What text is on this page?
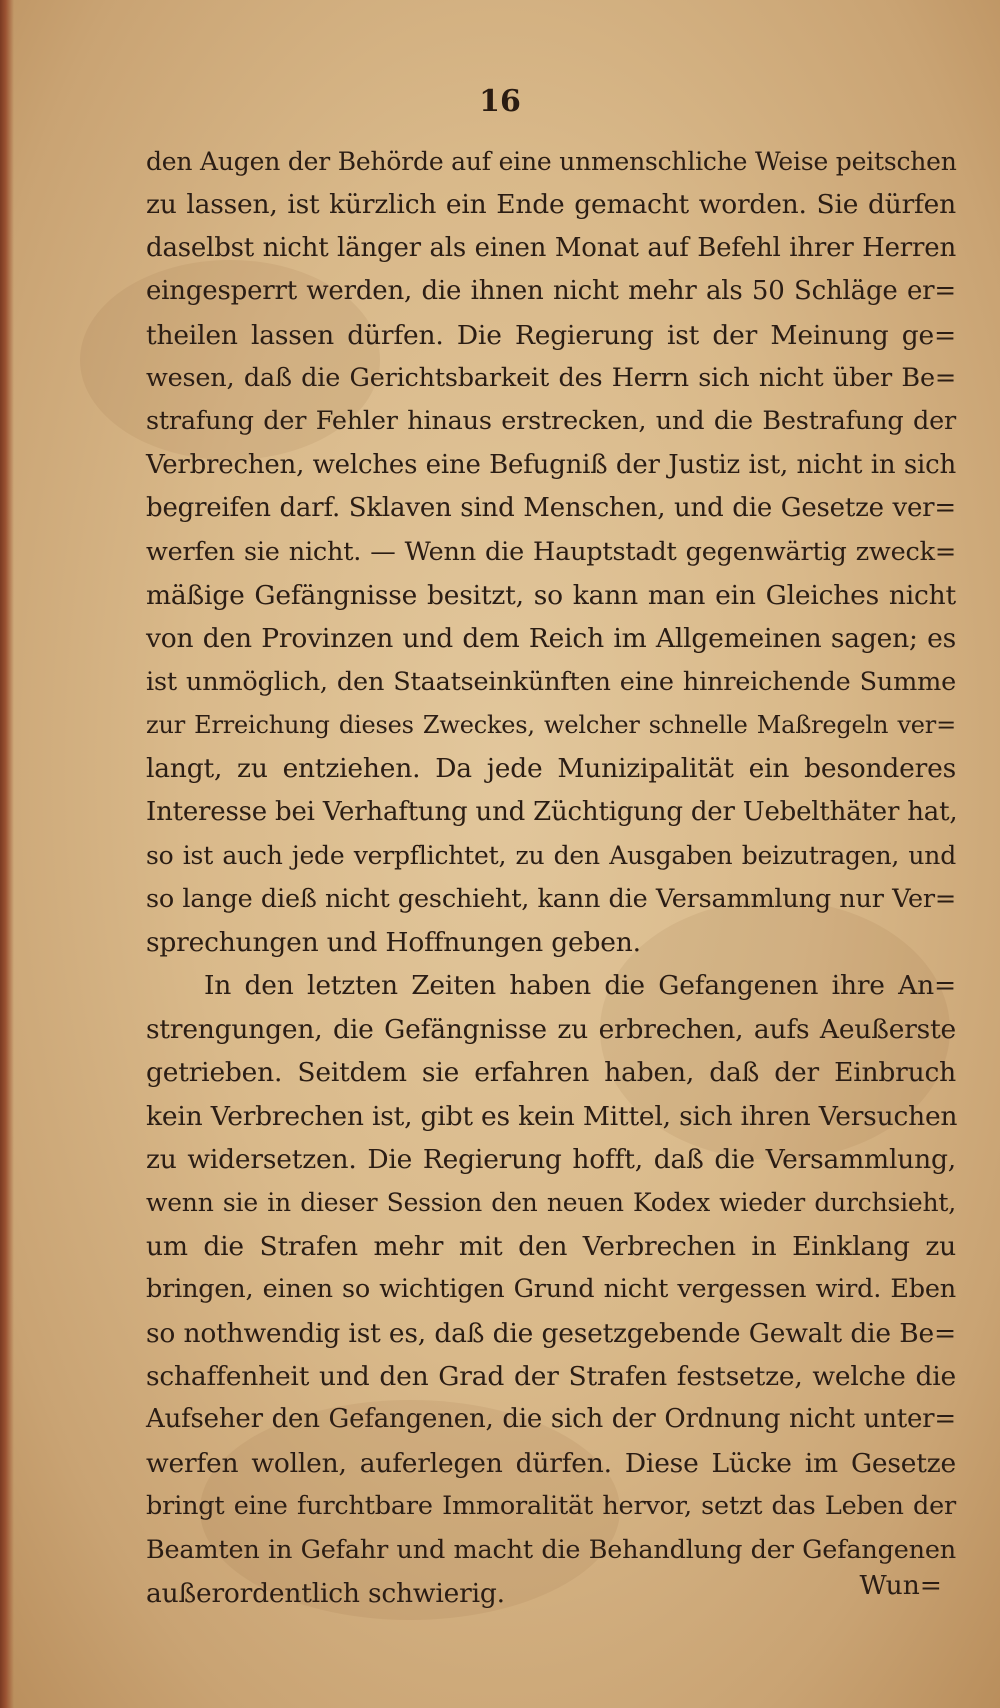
16

den Augen der Behörde auf eine unmenschliche Weise peitschen
zu lassen, ist kürzlich ein Ende gemacht worden. Sie dürfen
daselbst nicht länger als einen Monat auf Befehl ihrer Herren
eingesperrt werden, die ihnen nicht mehr als 50 Schläge er=
theilen lassen dürfen. Die Regierung ist der Meinung ge=
wesen, daß die Gerichtsbarkeit des Herrn sich nicht über Be=
strafung der Fehler hinaus erstrecken, und die Bestrafung der
Verbrechen, welches eine Befugniß der Justiz ist, nicht in sich
begreifen darf. Sklaven sind Menschen, und die Gesetze ver=
werfen sie nicht. — Wenn die Hauptstadt gegenwärtig zweck=
mäßige Gefängnisse besitzt, so kann man ein Gleiches nicht
von den Provinzen und dem Reich im Allgemeinen sagen; es
ist unmöglich, den Staatseinkünften eine hinreichende Summe
zur Erreichung dieses Zweckes, welcher schnelle Maßregeln ver=
langt, zu entziehen. Da jede Munizipalität ein besonderes
Interesse bei Verhaftung und Züchtigung der Uebelthäter hat,
so ist auch jede verpflichtet, zu den Ausgaben beizutragen, und
so lange dieß nicht geschieht, kann die Versammlung nur Ver=
sprechungen und Hoffnungen geben.
In den letzten Zeiten haben die Gefangenen ihre An=
strengungen, die Gefängnisse zu erbrechen, aufs Aeußerste
getrieben. Seitdem sie erfahren haben, daß der Einbruch
kein Verbrechen ist, gibt es kein Mittel, sich ihren Versuchen
zu widersetzen. Die Regierung hofft, daß die Versammlung,
wenn sie in dieser Session den neuen Kodex wieder durchsieht,
um die Strafen mehr mit den Verbrechen in Einklang zu
bringen, einen so wichtigen Grund nicht vergessen wird. Eben
so nothwendig ist es, daß die gesetzgebende Gewalt die Be=
schaffenheit und den Grad der Strafen festsetze, welche die
Aufseher den Gefangenen, die sich der Ordnung nicht unter=
werfen wollen, auferlegen dürfen. Diese Lücke im Gesetze
bringt eine furchtbare Immoralität hervor, setzt das Leben der
Beamten in Gefahr und macht die Behandlung der Gefangenen
außerordentlich schwierig.	Wun=
